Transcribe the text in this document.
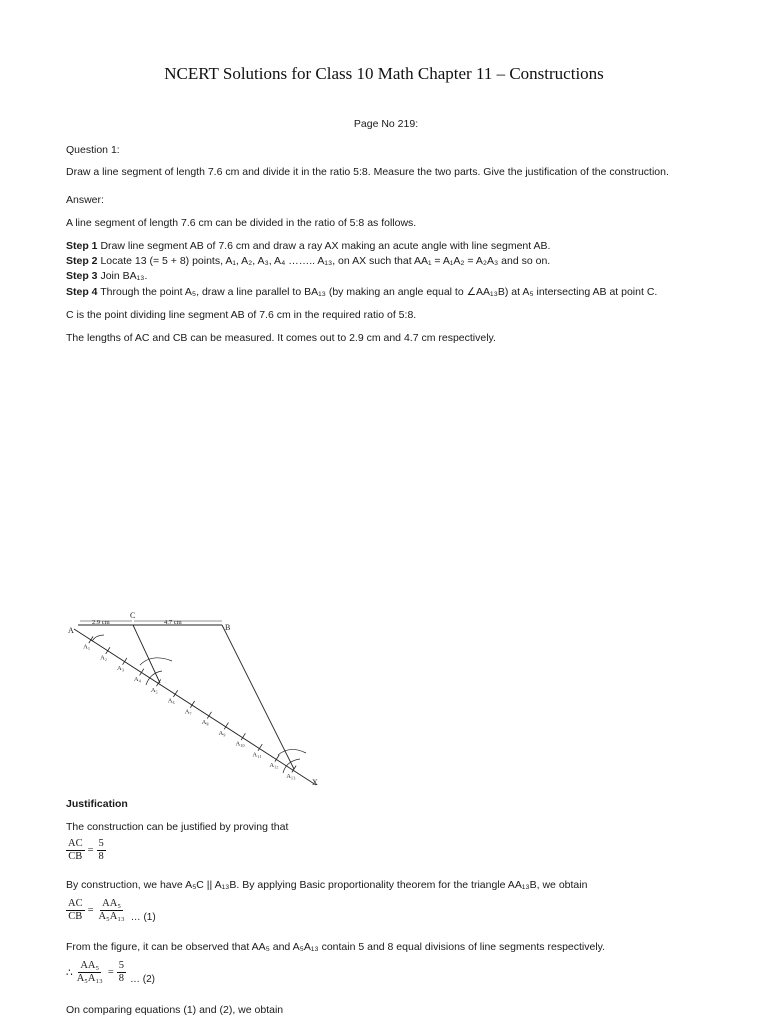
NCERT Solutions for Class 10 Math Chapter 11 – Constructions
Page No 219:
Question 1:
Draw a line segment of length 7.6 cm and divide it in the ratio 5:8. Measure the two parts. Give the justification of the construction.
Answer:
A line segment of length 7.6 cm can be divided in the ratio of 5:8 as follows.
Step 1 Draw line segment AB of 7.6 cm and draw a ray AX making an acute angle with line segment AB.
Step 2 Locate 13 (= 5 + 8) points, A₁, A₂, A₃, A₄ …….. A₁₃, on AX such that AA₁ = A₁A₂ = A₂A₃ and so on.
Step 3 Join BA₁₃.
Step 4 Through the point A₅, draw a line parallel to BA₁₃ (by making an angle equal to ∠AA₁₃B) at A₅ intersecting AB at point C.
C is the point dividing line segment AB of 7.6 cm in the required ratio of 5:8.
The lengths of AC and CB can be measured. It comes out to 2.9 cm and 4.7 cm respectively.
A₁
A₂
A₃
A₄
A₅
A₆
A₇
A₈
A₉
A₁₀
A₁₁
A₁₂
A₁₃
A	B
C
X
2.9 cm	4.7 cm
Justification
The construction can be justified by proving that
$\frac{AC}{CB} = \frac{5}{8}$
By construction, we have A₅C || A₁₃B. By applying Basic proportionality theorem for the triangle AA₁₃B, we obtain
$\frac{AC}{CB} = \frac{\text{AA₅}}{\text{A₅A₁₃}}$ … (1)
From the figure, it can be observed that AA₅ and A₅A₁₃ contain 5 and 8 equal divisions of line segments respectively.
∴ $\frac{\text{AA₅}}{\text{A₅A₁₃}} = \frac{5}{8}$ … (2)
On comparing equations (1) and (2), we obtain
